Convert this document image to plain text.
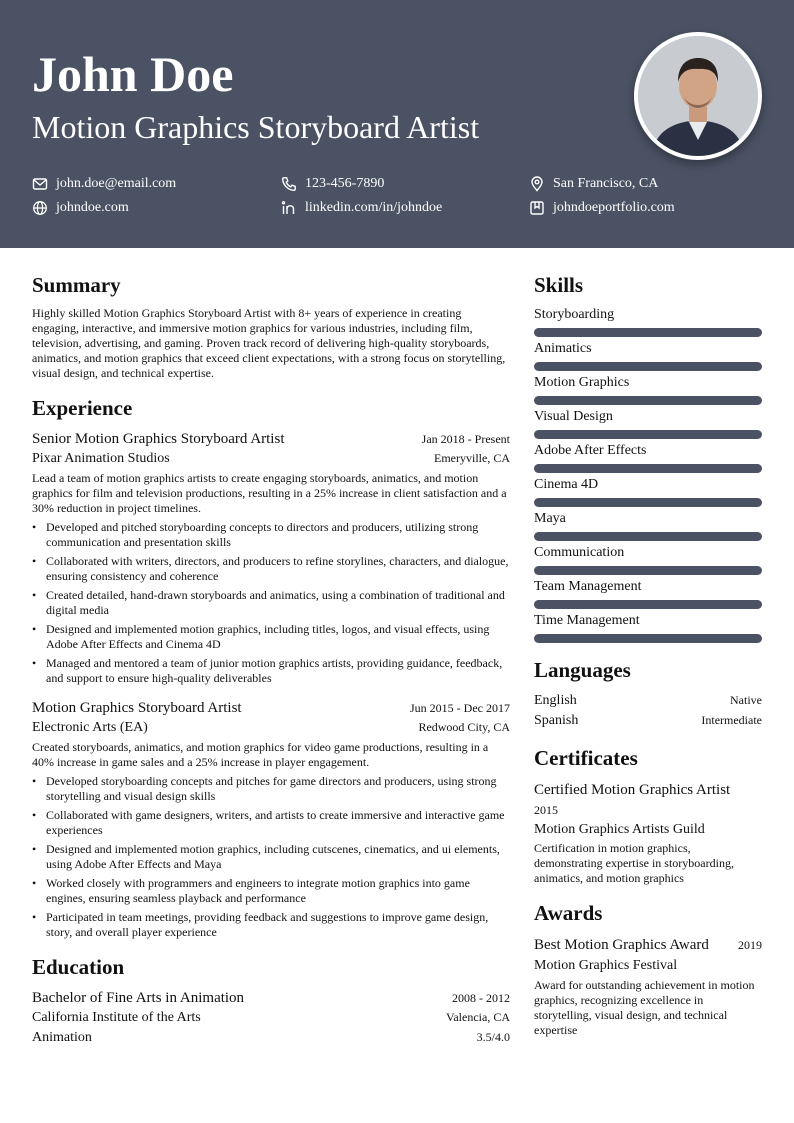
John Doe
Motion Graphics Storyboard Artist
john.doe@email.com	123-456-7890	San Francisco, CA
johndoe.com	linkedin.com/in/johndoe	johndoeportfolio.com
Summary
Highly skilled Motion Graphics Storyboard Artist with 8+ years of experience in creating engaging, interactive, and immersive motion graphics for various industries, including film, television, advertising, and gaming. Proven track record of delivering high-quality storyboards, animatics, and motion graphics that exceed client expectations, with a strong focus on storytelling, visual design, and technical expertise.
Experience
Senior Motion Graphics Storyboard Artist	Jan 2018 - Present
Pixar Animation Studios	Emeryville, CA
Lead a team of motion graphics artists to create engaging storyboards, animatics, and motion graphics for film and television productions, resulting in a 25% increase in client satisfaction and a 30% reduction in project timelines.
• Developed and pitched storyboarding concepts to directors and producers, utilizing strong communication and presentation skills
• Collaborated with writers, directors, and producers to refine storylines, characters, and dialogue, ensuring consistency and coherence
• Created detailed, hand-drawn storyboards and animatics, using a combination of traditional and digital media
• Designed and implemented motion graphics, including titles, logos, and visual effects, using Adobe After Effects and Cinema 4D
• Managed and mentored a team of junior motion graphics artists, providing guidance, feedback, and support to ensure high-quality deliverables
Motion Graphics Storyboard Artist	Jun 2015 - Dec 2017
Electronic Arts (EA)	Redwood City, CA
Created storyboards, animatics, and motion graphics for video game productions, resulting in a 40% increase in game sales and a 25% increase in player engagement.
• Developed storyboarding concepts and pitches for game directors and producers, using strong storytelling and visual design skills
• Collaborated with game designers, writers, and artists to create immersive and interactive game experiences
• Designed and implemented motion graphics, including cutscenes, cinematics, and ui elements, using Adobe After Effects and Maya
• Worked closely with programmers and engineers to integrate motion graphics into game engines, ensuring seamless playback and performance
• Participated in team meetings, providing feedback and suggestions to improve game design, story, and overall player experience
Education
Bachelor of Fine Arts in Animation	2008 - 2012
California Institute of the Arts	Valencia, CA
Animation	3.5/4.0
Skills
Storyboarding
Animatics
Motion Graphics
Visual Design
Adobe After Effects
Cinema 4D
Maya
Communication
Team Management
Time Management
Languages
English	Native
Spanish	Intermediate
Certificates
Certified Motion Graphics Artist
2015
Motion Graphics Artists Guild
Certification in motion graphics, demonstrating expertise in storyboarding, animatics, and motion graphics
Awards
Best Motion Graphics Award 2019
Motion Graphics Festival
Award for outstanding achievement in motion graphics, recognizing excellence in storytelling, visual design, and technical expertise
